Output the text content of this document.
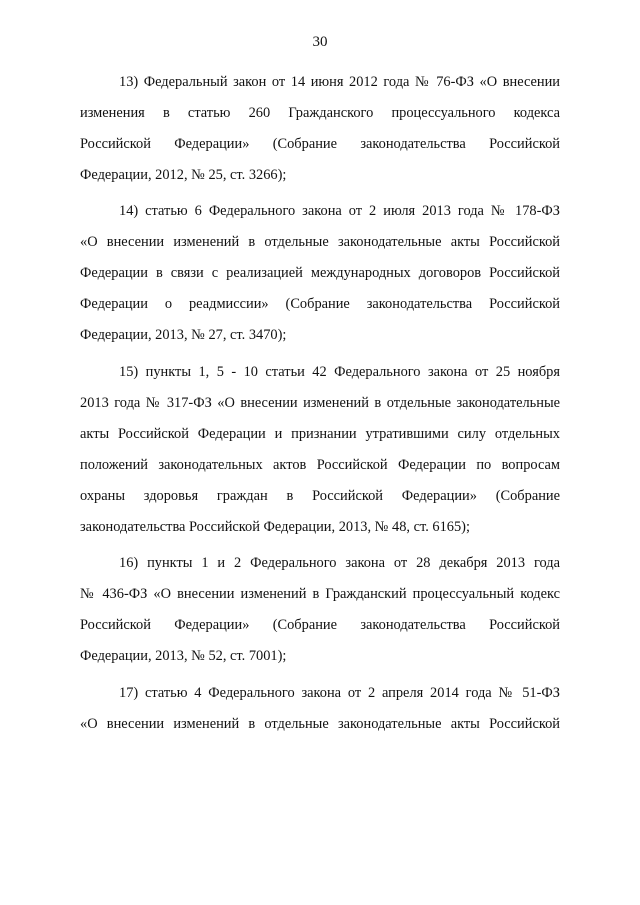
30
13) Федеральный закон от 14 июня 2012 года № 76-ФЗ «О внесении
изменения в статью 260 Гражданского процессуального кодекса
Российской Федерации» (Собрание законодательства Российской
Федерации, 2012, № 25, ст. 3266);
14) статью 6 Федерального закона от 2 июля 2013 года № 178-ФЗ
«О внесении изменений в отдельные законодательные акты Российской
Федерации в связи с реализацией международных договоров Российской
Федерации о реадмиссии» (Собрание законодательства Российской
Федерации, 2013, № 27, ст. 3470);
15) пункты 1, 5 - 10 статьи 42 Федерального закона от 25 ноября
2013 года № 317-ФЗ «О внесении изменений в отдельные законодательные
акты Российской Федерации и признании утратившими силу отдельных
положений законодательных актов Российской Федерации по вопросам
охраны здоровья граждан в Российской Федерации» (Собрание
законодательства Российской Федерации, 2013, № 48, ст. 6165);
16) пункты 1 и 2 Федерального закона от 28 декабря 2013 года
№ 436-ФЗ «О внесении изменений в Гражданский процессуальный кодекс
Российской Федерации» (Собрание законодательства Российской
Федерации, 2013, № 52, ст. 7001);
17) статью 4 Федерального закона от 2 апреля 2014 года № 51-ФЗ
«О внесении изменений в отдельные законодательные акты Российской
